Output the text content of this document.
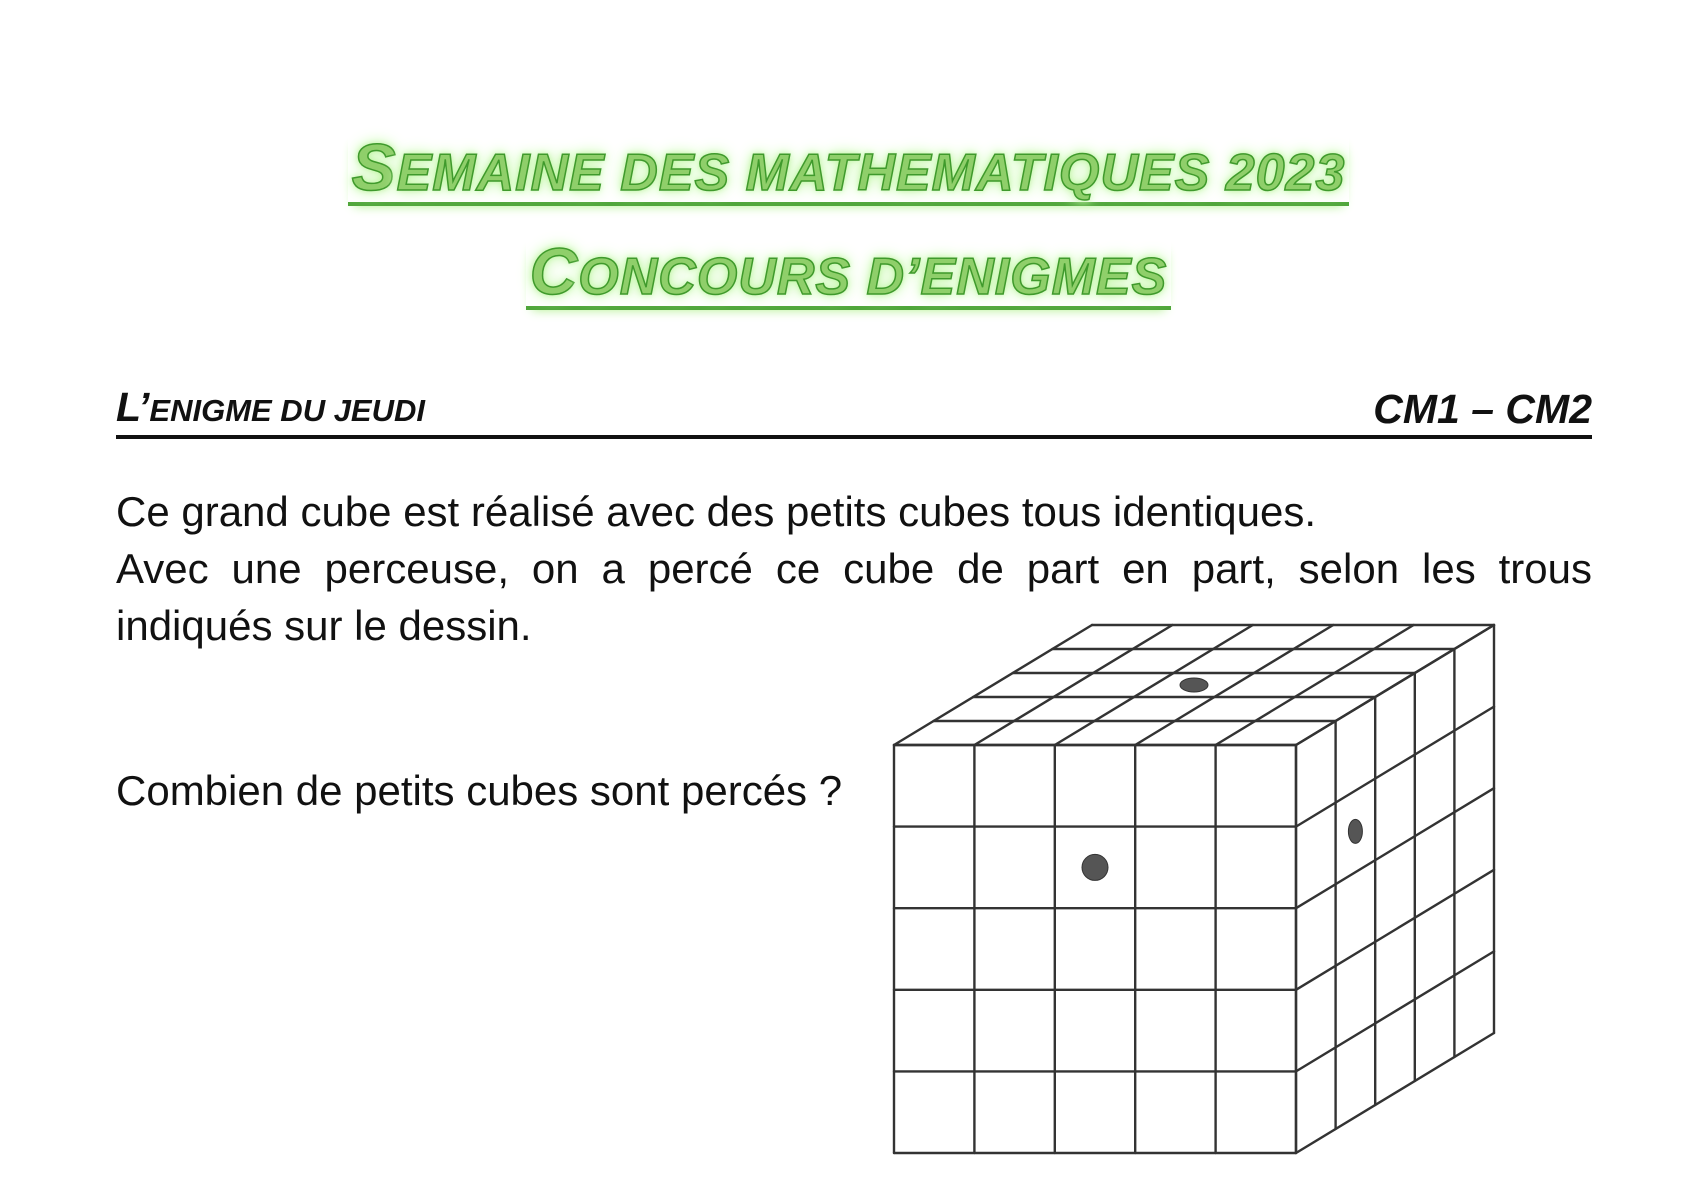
SEMAINE DES MATHEMATIQUES 2023
CONCOURS D’ENIGMES
L’ENIGME DU JEUDI	CM1 – CM2

Ce grand cube est réalisé avec des petits cubes tous identiques.
Avec une perceuse, on a percé ce cube de part en part, selon les trous indiqués sur le dessin.

Combien de petits cubes sont percés ?
